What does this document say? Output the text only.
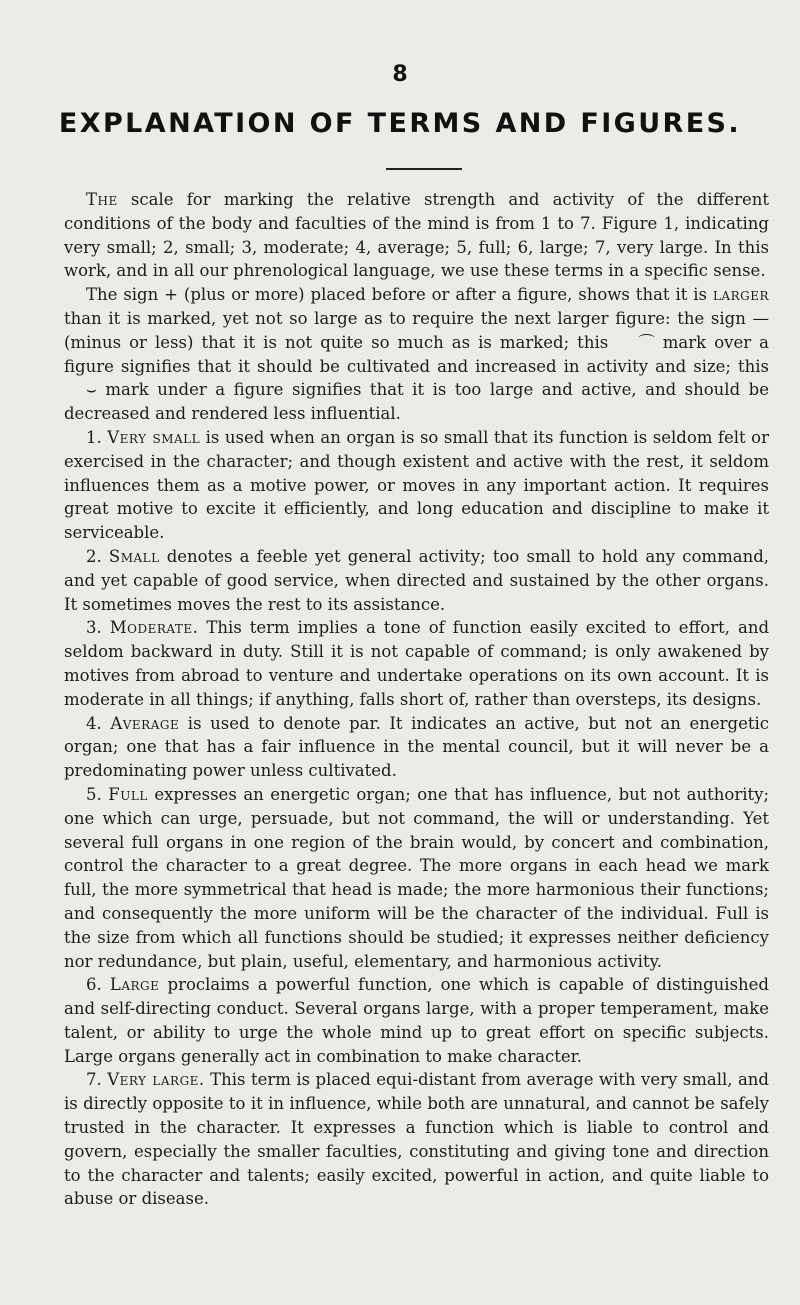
8
EXPLANATION OF TERMS AND FIGURES.

The scale for marking the relative strength and activity of the different conditions of the body and faculties of the mind is from 1 to 7. Figure 1, indicating very small; 2, small; 3, moderate; 4, average; 5, full; 6, large; 7, very large. In this work, and in all our phrenological language, we use these terms in a specific sense.

The sign + (plus or more) placed before or after a figure, shows that it is larger than it is marked, yet not so large as to require the next larger figure: the sign — (minus or less) that it is not quite so much as is marked; this ⌒ mark over a figure signifies that it should be cultivated and increased in activity and size; this ⌣ mark under a figure signifies that it is too large and active, and should be decreased and rendered less influential.

1. Very small is used when an organ is so small that its function is seldom felt or exercised in the character; and though existent and active with the rest, it seldom influences them as a motive power, or moves in any important action. It requires great motive to excite it efficiently, and long education and discipline to make it serviceable.

2. Small denotes a feeble yet general activity; too small to hold any command, and yet capable of good service, when directed and sustained by the other organs. It sometimes moves the rest to its assistance.

3. Moderate. This term implies a tone of function easily excited to effort, and seldom backward in duty. Still it is not capable of command; is only awakened by motives from abroad to venture and undertake operations on its own account. It is moderate in all things; if anything, falls short of, rather than oversteps, its designs.

4. Average is used to denote par. It indicates an active, but not an energetic organ; one that has a fair influence in the mental council, but it will never be a predominating power unless cultivated.

5. Full expresses an energetic organ; one that has influence, but not authority; one which can urge, persuade, but not command, the will or understanding. Yet several full organs in one region of the brain would, by concert and combination, control the character to a great degree. The more organs in each head we mark full, the more symmetrical that head is made; the more harmonious their functions; and consequently the more uniform will be the character of the individual. Full is the size from which all functions should be studied; it expresses neither deficiency nor redundance, but plain, useful, elementary, and harmonious activity.

6. Large proclaims a powerful function, one which is capable of distinguished and self-directing conduct. Several organs large, with a proper temperament, make talent, or ability to urge the whole mind up to great effort on specific subjects. Large organs generally act in combination to make character.

7. Very large. This term is placed equi-distant from average with very small, and is directly opposite to it in influence, while both are unnatural, and cannot be safely trusted in the character. It expresses a function which is liable to control and govern, especially the smaller faculties, constituting and giving tone and direction to the character and talents; easily excited, powerful in action, and quite liable to abuse or disease.
